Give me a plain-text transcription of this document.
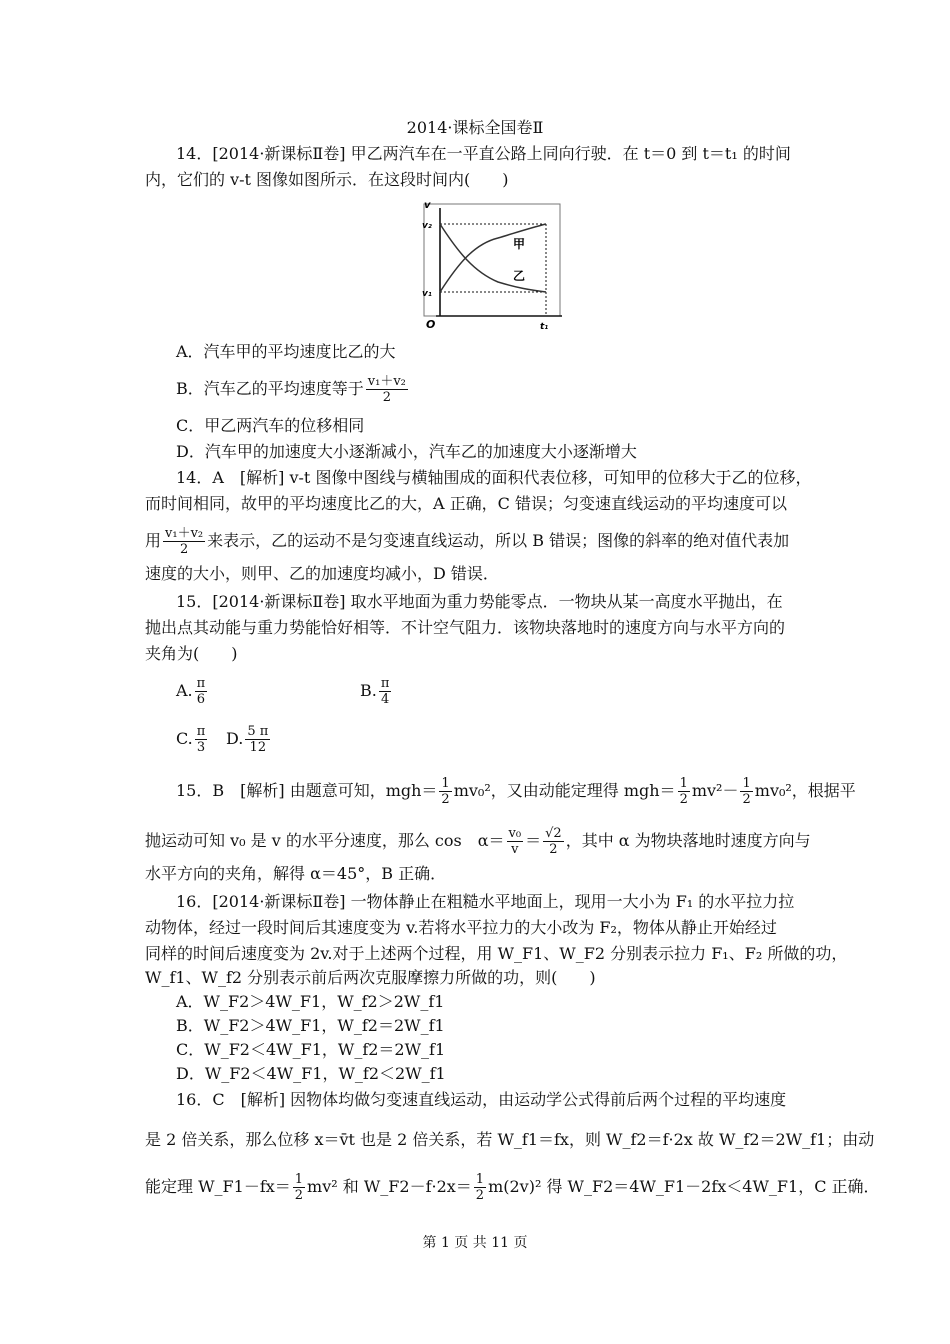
2014·课标全国卷Ⅱ
14．[2014·新课标Ⅱ卷] 甲乙两汽车在一平直公路上同向行驶．在 t＝0 到 t＝t₁ 的时间
内，它们的 v-t 图像如图所示．在这段时间内(　　)
v
v₂
v₁
O	t₁
甲
乙
A．汽车甲的平均速度比乙的大
B．汽车乙的平均速度等于 $\frac{\text{v₁＋v₂}}{2}$
C．甲乙两汽车的位移相同
D．汽车甲的加速度大小逐渐减小，汽车乙的加速度大小逐渐增大
14．A　[解析] v-t 图像中图线与横轴围成的面积代表位移，可知甲的位移大于乙的位移，
而时间相同，故甲的平均速度比乙的大，A 正确，C 错误；匀变速直线运动的平均速度可以
用 $\frac{\text{v₁＋v₂}}{2}$ 来表示，乙的运动不是匀变速直线运动，所以 B 错误；图像的斜率的绝对值代表加
速度的大小，则甲、乙的加速度均减小，D 错误．
15．[2014·新课标Ⅱ卷] 取水平地面为重力势能零点．一物块从某一高度水平抛出，在
抛出点其动能与重力势能恰好相等．不计空气阻力．该物块落地时的速度方向与水平方向的
夹角为(　　)
A. $\frac{\pi}{6}$	B. $\frac{\pi}{4}$
C. $\frac{\pi}{3} D$. $\frac{5 \pi}{12}$
15．B　[解析] 由题意可知，$mgh= \frac{1}{2} mv_0^2$，又由动能定理得 $mgh= \frac{1}{2} mv^2- \frac{1}{2} mv_0^2$，根据平
抛运动可知 v₀ 是 v 的水平分速度，那么 cos　$\alpha= \frac{\text{v₀}}{v} = \frac{√2}{2}$ ，其中 α 为物块落地时速度方向与
水平方向的夹角，解得 α＝45°，B 正确．
16．[2014·新课标Ⅱ卷] 一物体静止在粗糙水平地面上，现用一大小为 F₁ 的水平拉力拉
动物体，经过一段时间后其速度变为 v.若将水平拉力的大小改为 F₂，物体从静止开始经过
同样的时间后速度变为 2v.对于上述两个过程，用 W_F1、W_F2 分别表示拉力 F₁、F₂ 所做的功，
W_f1、W_f2 分别表示前后两次克服摩擦力所做的功，则(　　)
A．W_F2＞4W_F1，W_f2＞2W_f1
B．W_F2＞4W_F1，W_f2＝2W_f1
C．W_F2＜4W_F1，W_f2＝2W_f1
D．W_F2＜4W_F1，W_f2＜2W_f1
16．C　[解析] 因物体均做匀变速直线运动，由运动学公式得前后两个过程的平均速度
是 2 倍关系，那么位移 x＝v̄t 也是 2 倍关系，若 W_f1＝fx，则 W_f2＝f·2x 故 W_f2＝2W_f1；由动
能定理 W_F1－fx＝ $\frac{1}{2} mv^2$ 和 W_F2－f·2x＝ $\frac{1}{2} m(2v)^2$ 得 W_F2＝4W_F1－2fx＜4W_F1，C 正确．
第 1 页 共 11 页
